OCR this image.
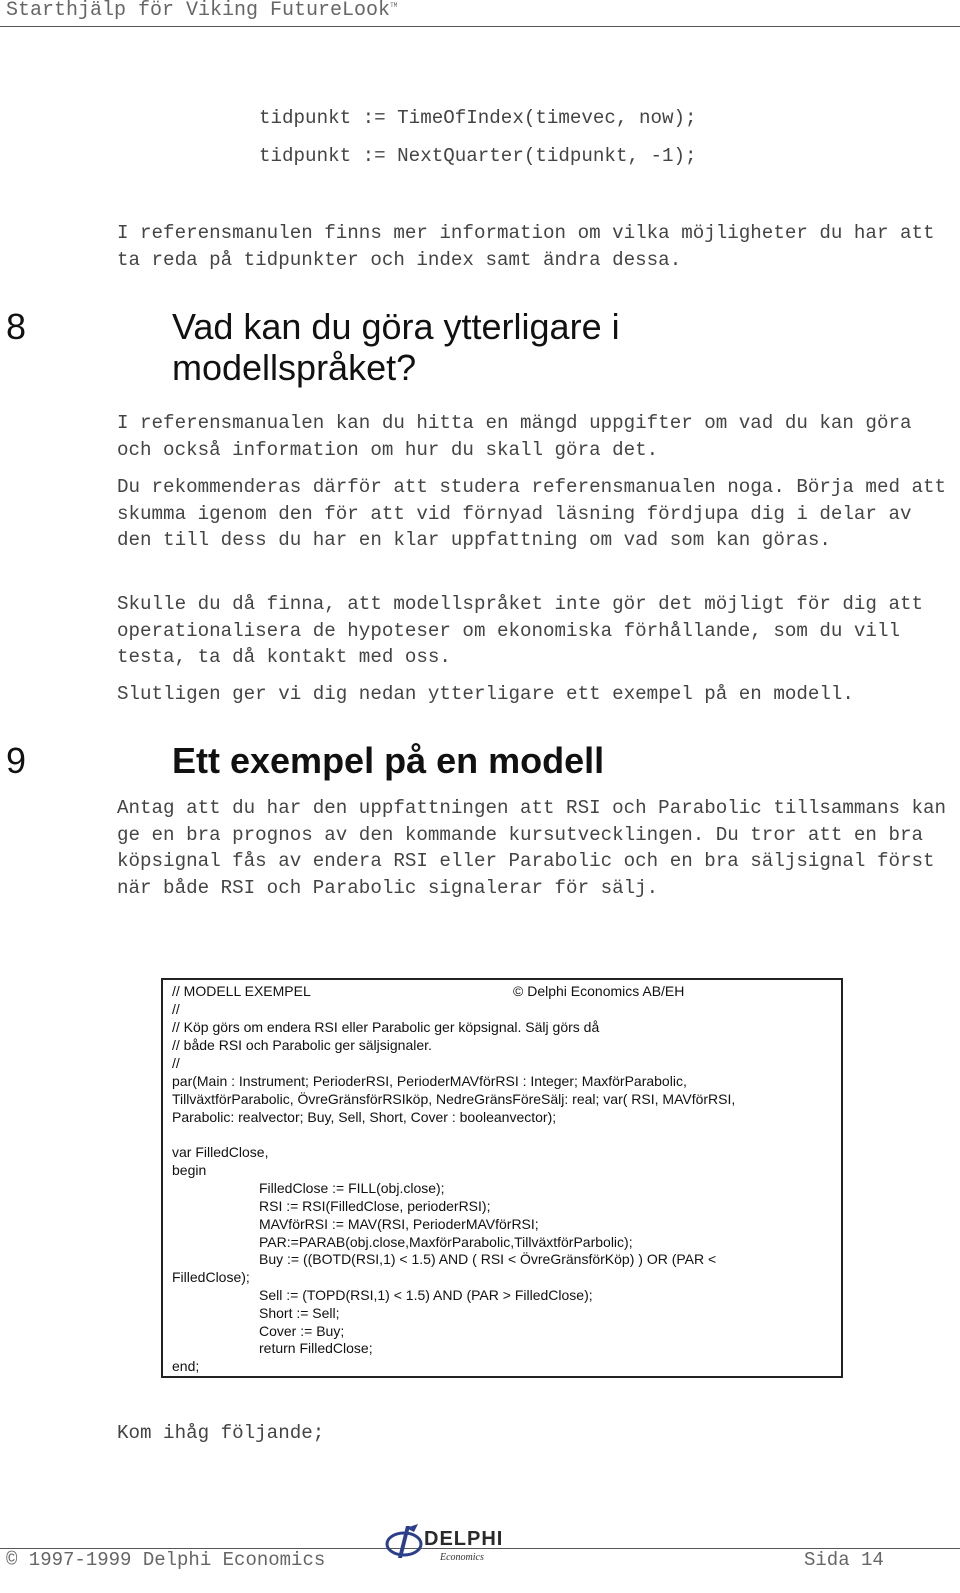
Starthjälp för Viking FutureLook™
tidpunkt := TimeOfIndex(timevec, now);
tidpunkt := NextQuarter(tidpunkt, -1);
I referensmanulen finns mer information om vilka möjligheter du har att ta reda på tidpunkter och index samt ändra dessa.
8	Vad kan du göra ytterligare i modellspråket?
I referensmanualen kan du hitta en mängd uppgifter om vad du kan göra och också information om hur du skall göra det.
Du rekommenderas därför att studera referensmanualen noga. Börja med att skumma igenom den för att vid förnyad läsning fördjupa dig i delar av den till dess du har en klar uppfattning om vad som kan göras.
Skulle du då finna, att modellspråket inte gör det möjligt för dig att operationalisera de hypoteser om ekonomiska förhållande, som du vill testa, ta då kontakt med oss.
Slutligen ger vi dig nedan ytterligare ett exempel på en modell.
9	Ett exempel på en modell
Antag att du har den uppfattningen att RSI och Parabolic tillsammans kan ge en bra prognos av den kommande kursutvecklingen. Du tror att en bra köpsignal fås av endera RSI eller Parabolic och en bra säljsignal först när både RSI och Parabolic signalerar för sälj.
// MODELL EXEMPEL	© Delphi Economics AB/EH
//
// Köp görs om endera RSI eller Parabolic ger köpsignal. Sälj görs då
// både RSI och Parabolic ger säljsignaler.
//
par(Main : Instrument; PerioderRSI, PerioderMAVförRSI : Integer; MaxförParabolic,
TillväxtförParabolic, ÖvreGränsförRSIköp, NedreGränsFöreSälj: real; var( RSI, MAVförRSI,
Parabolic: realvector; Buy, Sell, Short, Cover : booleanvector);
var FilledClose,
begin
FilledClose := FILL(obj.close);
RSI := RSI(FilledClose, perioderRSI);
MAVförRSI := MAV(RSI, PerioderMAVförRSI;
PAR:=PARAB(obj.close,MaxförParabolic,TillväxtförParbolic);
Buy := ((BOTD(RSI,1) < 1.5) AND ( RSI < ÖvreGränsförKöp) ) OR (PAR <
FilledClose);
Sell := (TOPD(RSI,1) < 1.5) AND (PAR > FilledClose);
Short := Sell;
Cover := Buy;
return FilledClose;
end;
Kom ihåg följande;
© 1997-1999 Delphi Economics	Sida 14
DELPHI
Economics
